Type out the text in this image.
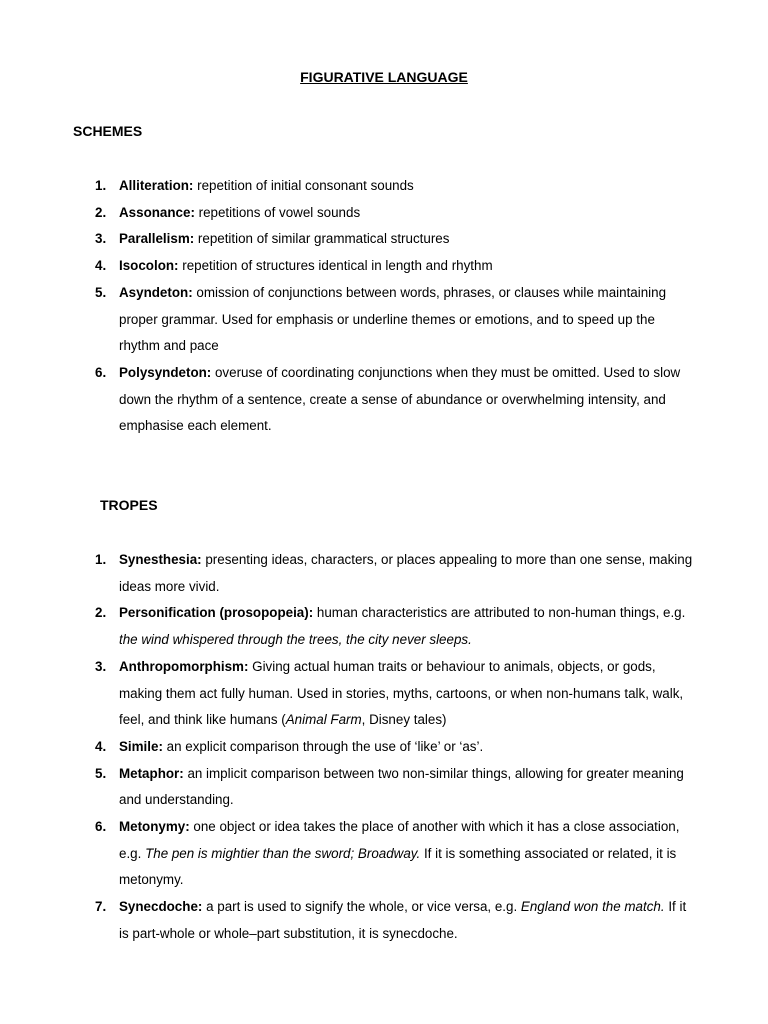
FIGURATIVE LANGUAGE
SCHEMES
1. Alliteration: repetition of initial consonant sounds
2. Assonance: repetitions of vowel sounds
3. Parallelism: repetition of similar grammatical structures
4. Isocolon: repetition of structures identical in length and rhythm
5. Asyndeton: omission of conjunctions between words, phrases, or clauses while maintaining proper grammar. Used for emphasis or underline themes or emotions, and to speed up the rhythm and pace
6. Polysyndeton: overuse of coordinating conjunctions when they must be omitted. Used to slow down the rhythm of a sentence, create a sense of abundance or overwhelming intensity, and emphasise each element.
TROPES
1. Synesthesia: presenting ideas, characters, or places appealing to more than one sense, making ideas more vivid.
2. Personification (prosopopeia): human characteristics are attributed to non-human things, e.g. the wind whispered through the trees, the city never sleeps.
3. Anthropomorphism: Giving actual human traits or behaviour to animals, objects, or gods, making them act fully human. Used in stories, myths, cartoons, or when non-humans talk, walk, feel, and think like humans (Animal Farm, Disney tales)
4. Simile: an explicit comparison through the use of ‘like’ or ‘as’.
5. Metaphor: an implicit comparison between two non-similar things, allowing for greater meaning and understanding.
6. Metonymy: one object or idea takes the place of another with which it has a close association, e.g. The pen is mightier than the sword; Broadway. If it is something associated or related, it is metonymy.
7. Synecdoche: a part is used to signify the whole, or vice versa, e.g. England won the match. If it is part-whole or whole–part substitution, it is synecdoche.
